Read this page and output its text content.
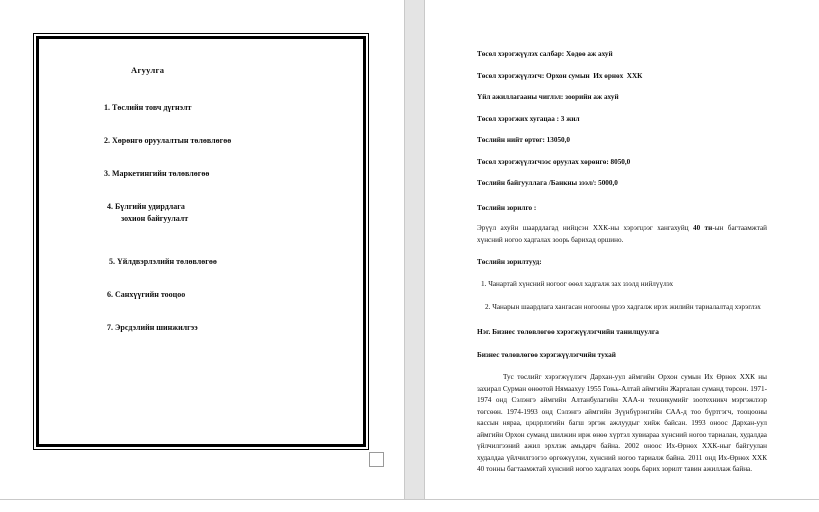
Агуулга

1. Төслийн товч дүгнэлт

2. Хөрөнгө оруулалтын төлөвлөгөө

3. Маркетингийн төлөвлөгөө

4. Бүлгийн удирдлага

зохион байгуулалт

5. Үйлдвэрлэлийн төлөвлөгөө

6. Санхүүгийн тооцоо

7. Эрсдэлийн шинжилгээ

Төсөл хэрэгжүүлэх салбар: Хөдөө аж ахуй
Төсөл хэрэгжүүлэгч: Орхон сумын  Их өрнөх  ХХК
Үйл ажиллагааны чиглэл: зоорийн аж ахуй
Төсөл хэрэгжих хугацаа : 3 жил
Төслийн нийт өртөг: 13050,0
Төсөл хэрэгжүүлэгчээс оруулах хөрөнгө: 8050,0
Төслийн байгууллага /Банкны зээл/: 5000,0
Төслийн зорилго :

Эрүүл ахуйн шаардлагад нийцсэн ХХК-ны хэрэгцээг хангахуйц 40 тн-ын багтаамжтай хүнсний ногоо хадгалах зоорь барихад оршино.

Төслийн зорилтууд:

1. Чанартай хүнсний ногоог өөөл хадгалж зах зээлд нийлүүлэх

2. Чанарын шаардлага хангасан ногооны үрээ хадгалж ирэх жилийн тариалалтад хэрэглэх

Нэг. Бизнес төлөвлөгөө хэрэгжүүлэгчийн танилцуулга
Бизнес төлөвлөгөө хэрэгжүүлэгчийн тухай

Тус төслийг хэрэгжүүлэгч Дархан-уул аймгийн Орхон сумын Их Өрнөх ХХК ны захирал Сурман өнөөтой Нямаахуу 1955 Гоњь-Алтай аймгийн Жаргалан суманд төрсөн. 1971-1974 онд Сэлэнгэ аймгийн Алтанбулагийн ХАА-н техникумийг зоотехникч мэргэжлээр төгсөөн. 1974-1993 онд Сэлэнгэ аймгийн Зүүнбүрэнгийн САА-д тоо бүртгэгч, тооцооны кассын няраа, цэцэрлэгийн багш эргэж ажлуудыг хийж байсан. 1993 оноос Дархан-уул аймгийн Орхон суманд шилжин ирж өнөө хүртэл хувиараа хүнсний ногоо тариалан, худалдаа үйлчилгээний ажил эрхлэж амьдарч байна. 2002 оноос Их-Өрнөх ХХК-ныг байгуулан худалдаа үйлчилгээгээ өргөжүүлэн, хүнсний ногоо тариалж байна. 2011 онд Их-Өрнөх ХХК 40 тонны багтаамжтай хүнсний ногоо хадгалах зоорь барих зорилт тавин ажиллаж байна.
